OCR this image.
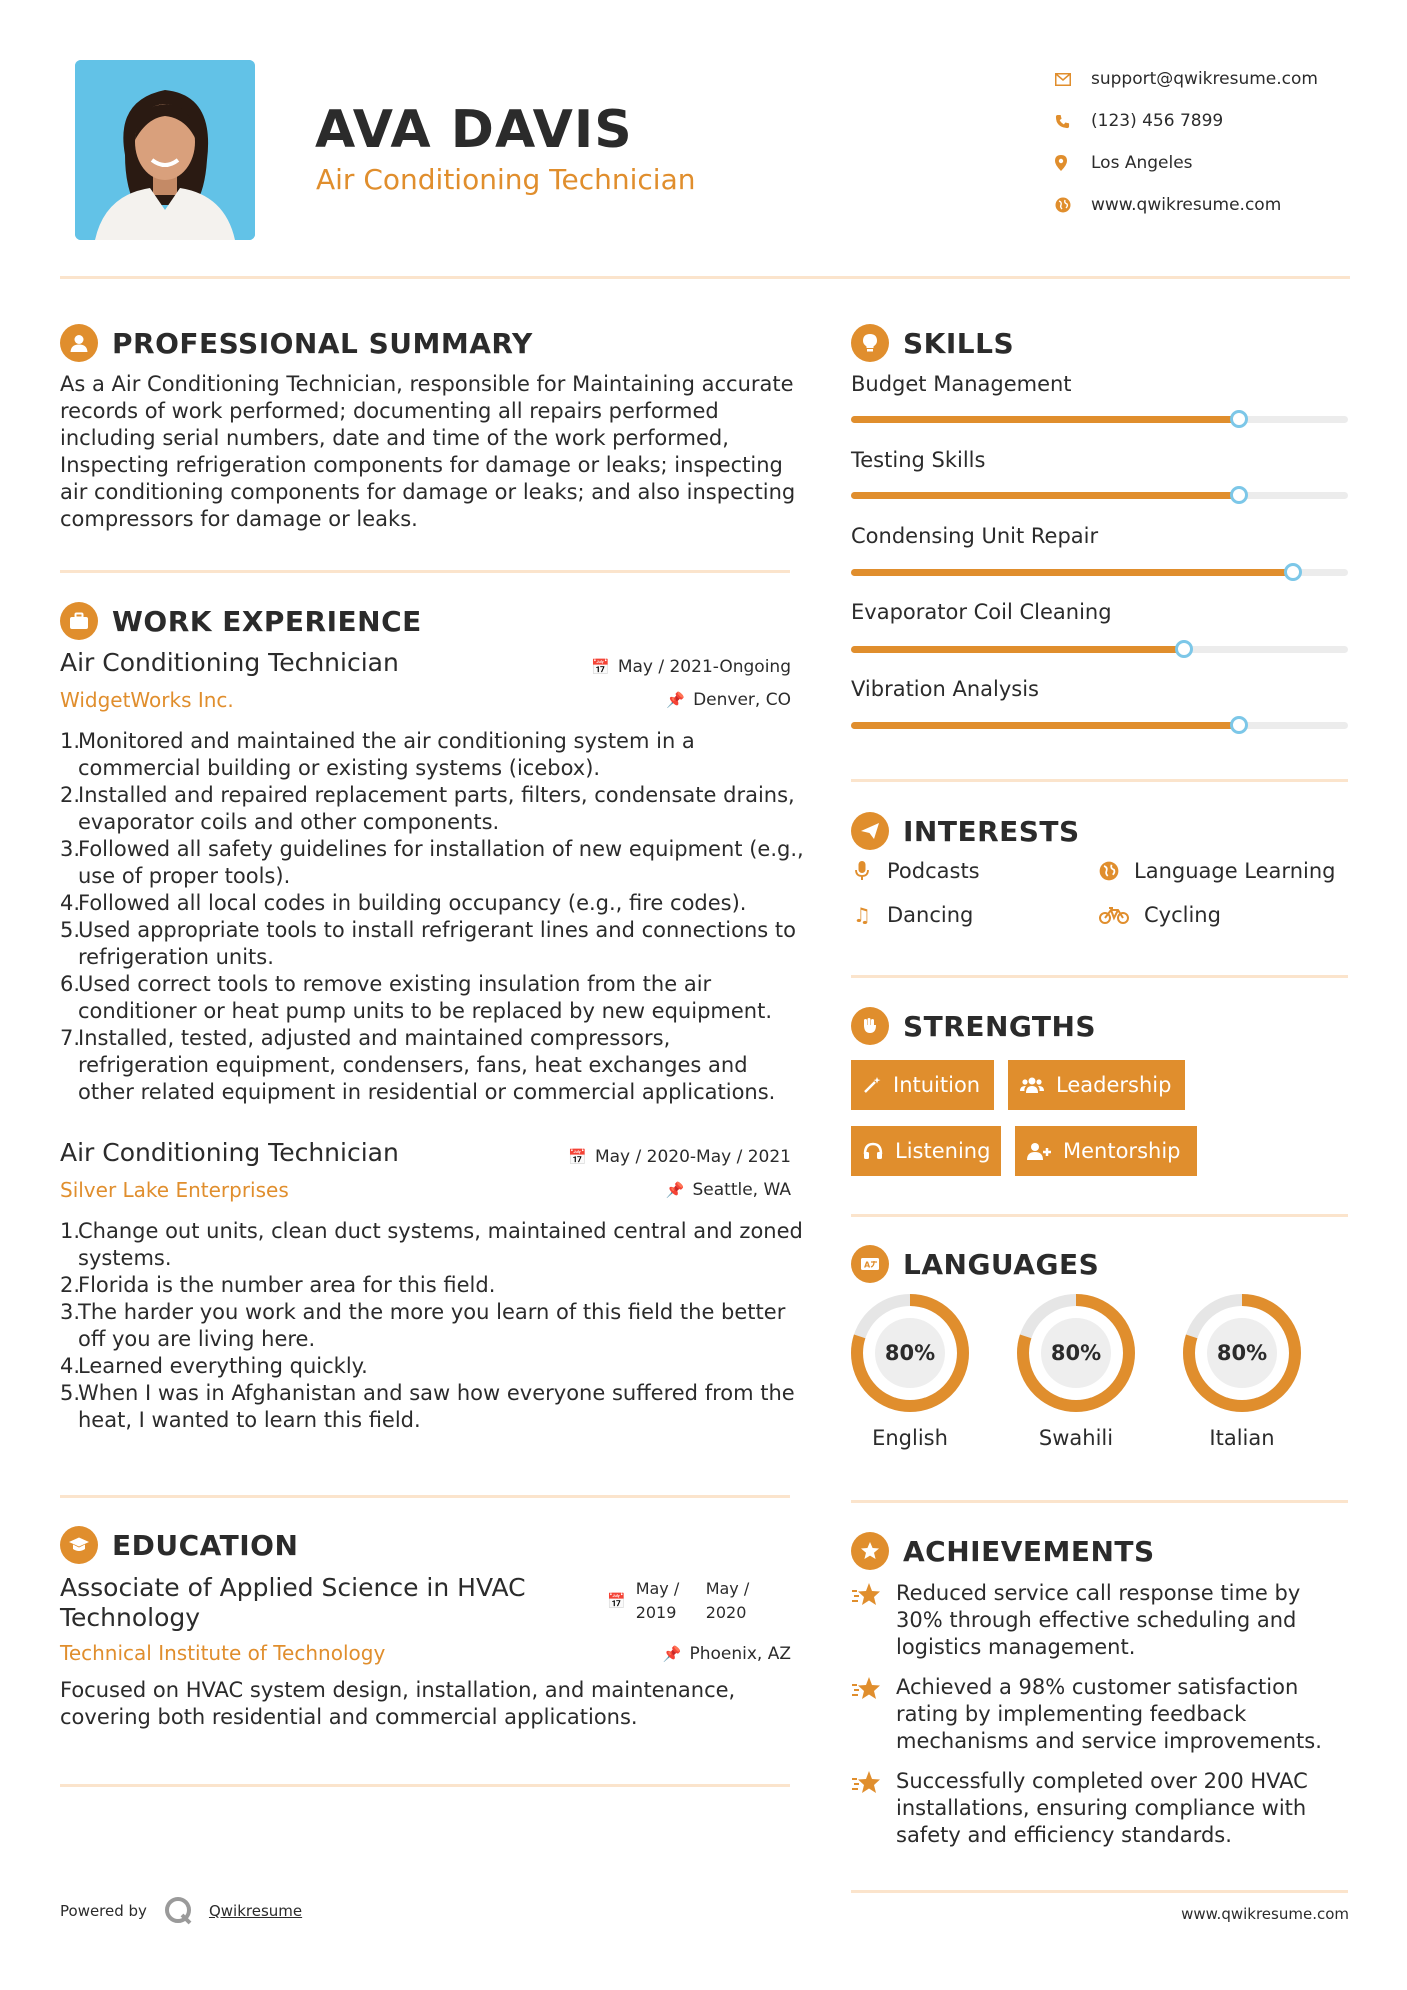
AVA DAVIS
Air Conditioning Technician
support@qwikresume.com
(123) 456 7899
Los Angeles
www.qwikresume.com
PROFESSIONAL SUMMARY

As a Air Conditioning Technician, responsible for Maintaining accurate records of work performed; documenting all repairs performed including serial numbers, date and time of the work performed, Inspecting refrigeration components for damage or leaks; inspecting air conditioning components for damage or leaks; and also inspecting compressors for damage or leaks.

WORK EXPERIENCE
Air Conditioning Technician	📅 May / 2021-Ongoing
WidgetWorks Inc.	📌 Denver, CO
1.
Monitored and maintained the air conditioning system in a commercial building or existing systems (icebox).
2.
Installed and repaired replacement parts, filters, condensate drains, evaporator coils and other components.
3.
Followed all safety guidelines for installation of new equipment (e.g., use of proper tools).
4.
Followed all local codes in building occupancy (e.g., fire codes).
5.
Used appropriate tools to install refrigerant lines and connections to refrigeration units.
6.
Used correct tools to remove existing insulation from the air conditioner or heat pump units to be replaced by new equipment.
7.
Installed, tested, adjusted and maintained compressors, refrigeration equipment, condensers, fans, heat exchanges and other related equipment in residential or commercial applications.
Air Conditioning Technician	📅 May / 2020-May / 2021
Silver Lake Enterprises	📌 Seattle, WA
1.
Change out units, clean duct systems, maintained central and zoned systems.
2.
Florida is the number area for this field.
3.
The harder you work and the more you learn of this field the better off you are living here.
4.
Learned everything quickly.
5.
When I was in Afghanistan and saw how everyone suffered from the heat, I wanted to learn this field.
EDUCATION
Associate of Applied Science in HVAC Technology
📅
May / 2019
May / 2020
Technical Institute of Technology	📌 Phoenix, AZ

Focused on HVAC system design, installation, and maintenance, covering both residential and commercial applications.

SKILLS
Budget Management
Testing Skills
Condensing Unit Repair
Evaporator Coil Cleaning
Vibration Analysis
INTERESTS
Podcasts	Language Learning
♫ Dancing	Cycling
STRENGTHS
Intuition	Leadership
Listening	Mentorship
A LANGUAGES
80%
English
80%
Swahili
80%
Italian
ACHIEVEMENTS
Reduced service call response time by 30% through effective scheduling and logistics management.
Achieved a 98% customer satisfaction rating by implementing feedback mechanisms and service improvements.
Successfully completed over 200 HVAC installations, ensuring compliance with safety and efficiency standards.
Powered by	Qwikresume	www.qwikresume.com
